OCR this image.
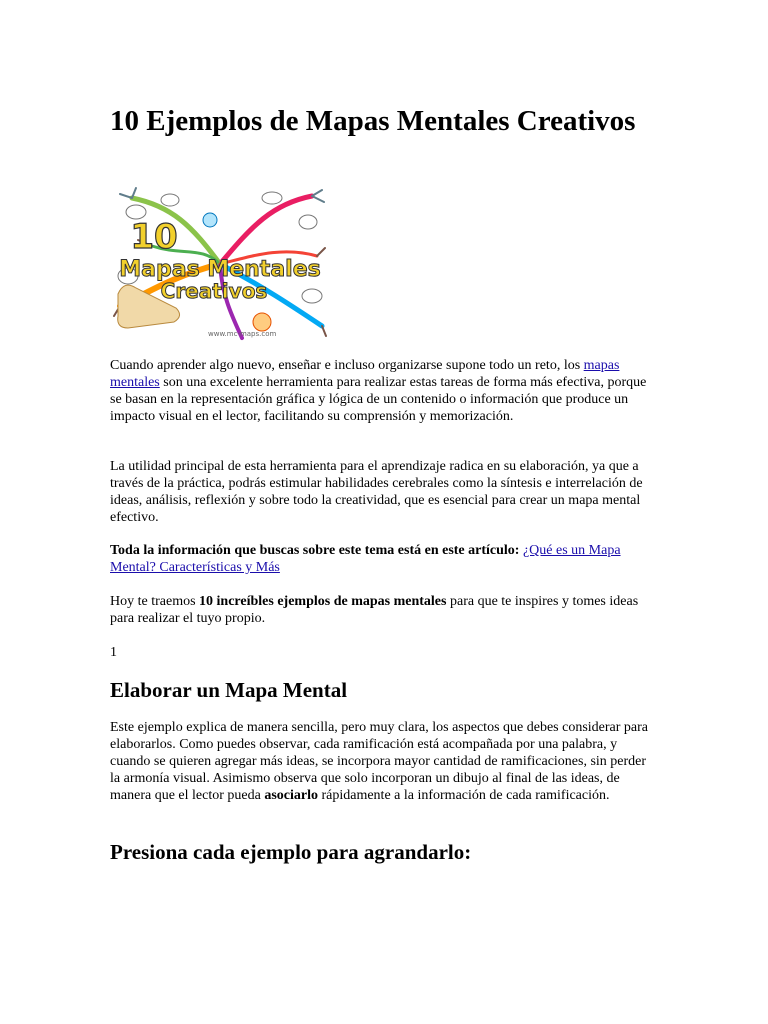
10 Ejemplos de Mapas Mentales Creativos
10
Mapas Mentales
Creativos
www.mc-maps.com

Cuando aprender algo nuevo, enseñar e incluso organizarse supone todo un reto, los mapas mentales son una excelente herramienta para realizar estas tareas de forma más efectiva, porque se basan en la representación gráfica y lógica de un contenido o información que produce un impacto visual en el lector, facilitando su comprensión y memorización.

La utilidad principal de esta herramienta para el aprendizaje radica en su elaboración, ya que a través de la práctica, podrás estimular habilidades cerebrales como la síntesis e interrelación de ideas, análisis, reflexión y sobre todo la creatividad, que es esencial para crear un mapa mental efectivo.

Toda la información que buscas sobre este tema está en este artículo: ¿Qué es un Mapa Mental? Características y Más

Hoy te traemos 10 increíbles ejemplos de mapas mentales para que te inspires y tomes ideas para realizar el tuyo propio.

1

Elaborar un Mapa Mental

Este ejemplo explica de manera sencilla, pero muy clara, los aspectos que debes considerar para elaborarlos. Como puedes observar, cada ramificación está acompañada por una palabra, y cuando se quieren agregar más ideas, se incorpora mayor cantidad de ramificaciones, sin perder la armonía visual. Asimismo observa que solo incorporan un dibujo al final de las ideas, de manera que el lector pueda asociarlo rápidamente a la información de cada ramificación.

Presiona cada ejemplo para agrandarlo:
